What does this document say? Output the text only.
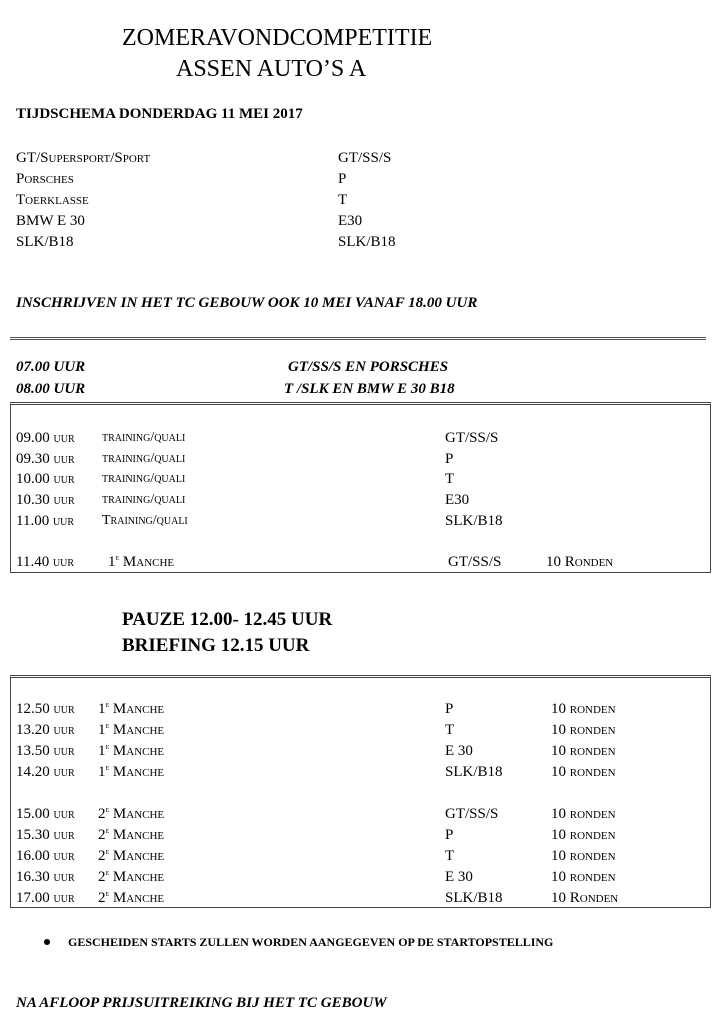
ZOMERAVONDCOMPETITIE
ASSEN AUTO’S A
TIJDSCHEMA DONDERDAG 11 MEI 2017
GT/Supersport/Sport	GT/SS/S
Porsches	P
Toerklasse	T
BMW E 30	E30
SLK/B18	SLK/B18
INSCHRIJVEN IN HET TC GEBOUW OOK 10 MEI VANAF 18.00 UUR
07.00 UUR	GT/SS/S EN PORSCHES
08.00 UUR	T /SLK EN BMW E 30 B18
09.00 uur training/quali	GT/SS/S
09.30 uur training/quali	P
10.00 uur training/quali	T
10.30 uur training/quali	E30
11.00 uur Training/quali	SLK/B18
11.40 uur 1e Manche	GT/SS/S	10 Ronden
PAUZE 12.00- 12.45 UUR
BRIEFING 12.15 UUR
12.50 uur 1e Manche	P	10 ronden
13.20 uur 1e Manche	T	10 ronden
13.50 uur 1e Manche	E 30	10 ronden
14.20 uur 1e Manche	SLK/B18	10 ronden
15.00 uur 2e Manche	GT/SS/S	10 ronden
15.30 uur 2e Manche	P	10 ronden
16.00 uur 2e Manche	T	10 ronden
16.30 uur 2e Manche	E 30	10 ronden
17.00 uur 2e Manche	SLK/B18	10 Ronden
GESCHEIDEN STARTS ZULLEN WORDEN AANGEGEVEN OP DE STARTOPSTELLING
NA AFLOOP PRIJSUITREIKING BIJ HET TC GEBOUW
